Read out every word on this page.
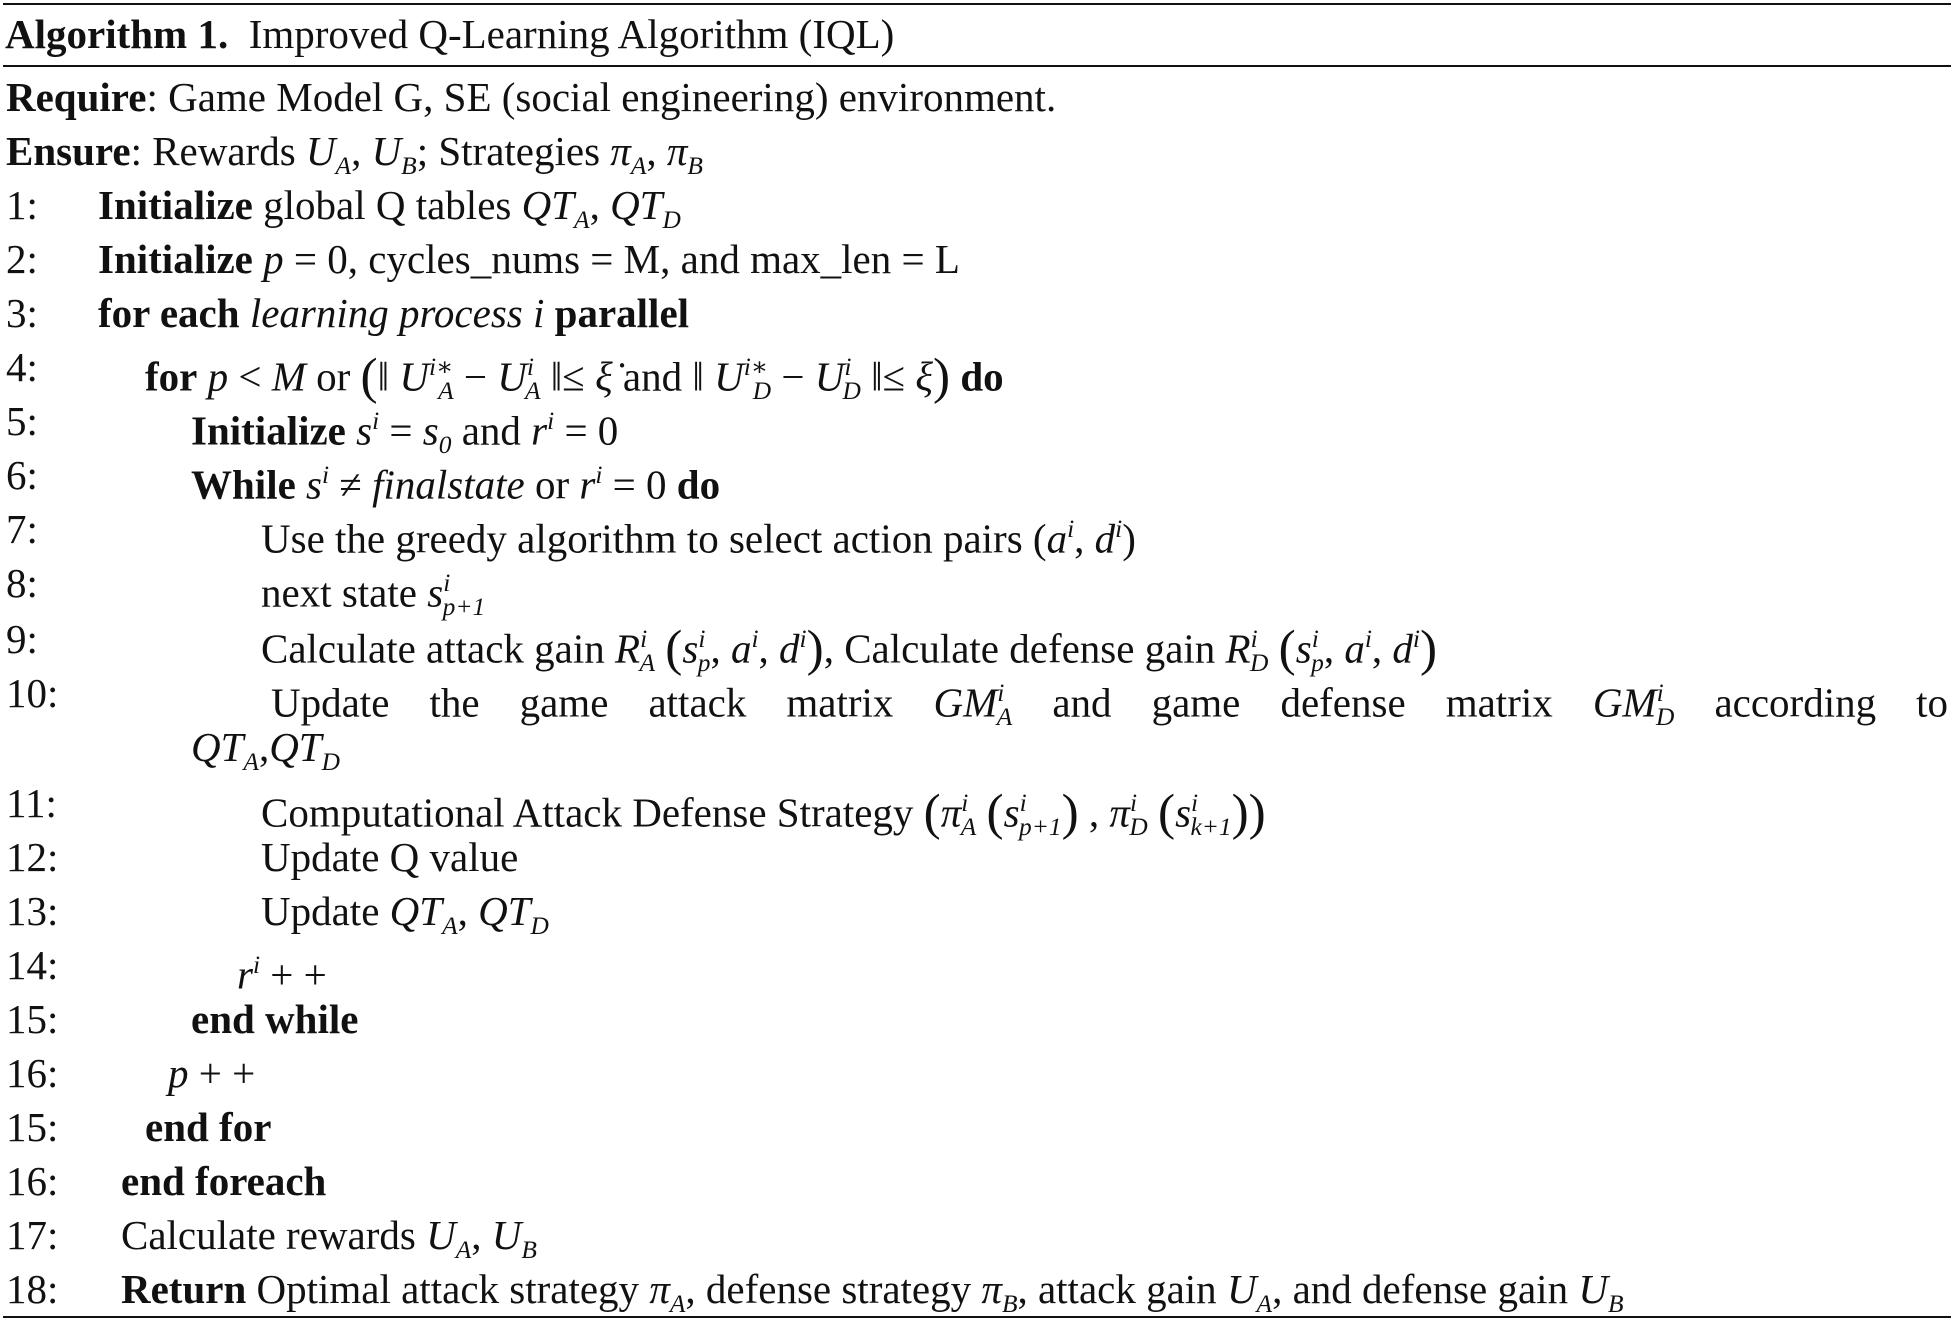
Algorithm 1. Improved Q-Learning Algorithm (IQL)
Require: Game Model G, SE (social engineering) environment.
Ensure: Rewards $U_A$, $U_B$; Strategies $\pi_A$, $\pi_B$
1: Initialize global Q tables $QT_A$, $QT_D$
2: Initialize p = 0, cycles_nums = M, and max_len = L
3: for each learning process i parallel
4:	for p < M or (‖ $U^{i∗}_A - U^i_A$ ‖≤ ξ̇ and ‖ $U^{i∗}_D - U^i_D$ ‖≤ ξ) do
5:	Initialize $s^i = s_0$ and $r^i = 0$
6:	While $s^i$ ≠ finalstate or $r^i = 0$ do
7:	Use the greedy algorithm to select action pairs ($a^i$, $d^i$)
8:	next state $s^i_{p+1}$
9:	Calculate attack gain $R^i_A$ ($s^i_p$, $a^i$, $d^i$), Calculate defense gain $R^i_D$ ($s^i_p$, $a^i$, $d^i$)
10:	Update the game attack matrix $GM^i_A$ and game defense matrix $GM^i_D$ according to
$QT_A,QT_D$
11:	Computational Attack Defense Strategy ($\pi^i_A$ $(s^i_{p+1})$ , $\pi^i_D$ $(s^i_{k+1})$)
12:	Update Q value
13:	Update $QT_A$, $QT_D$
14:	$r^i$ + +
15:	end while
16:	p + +
15: end for
16: end foreach
17: Calculate rewards $U_A$, $U_B$
18: Return Optimal attack strategy $\pi_A$, defense strategy $\pi_B$, attack gain $U_A$, and defense gain $U_B$
